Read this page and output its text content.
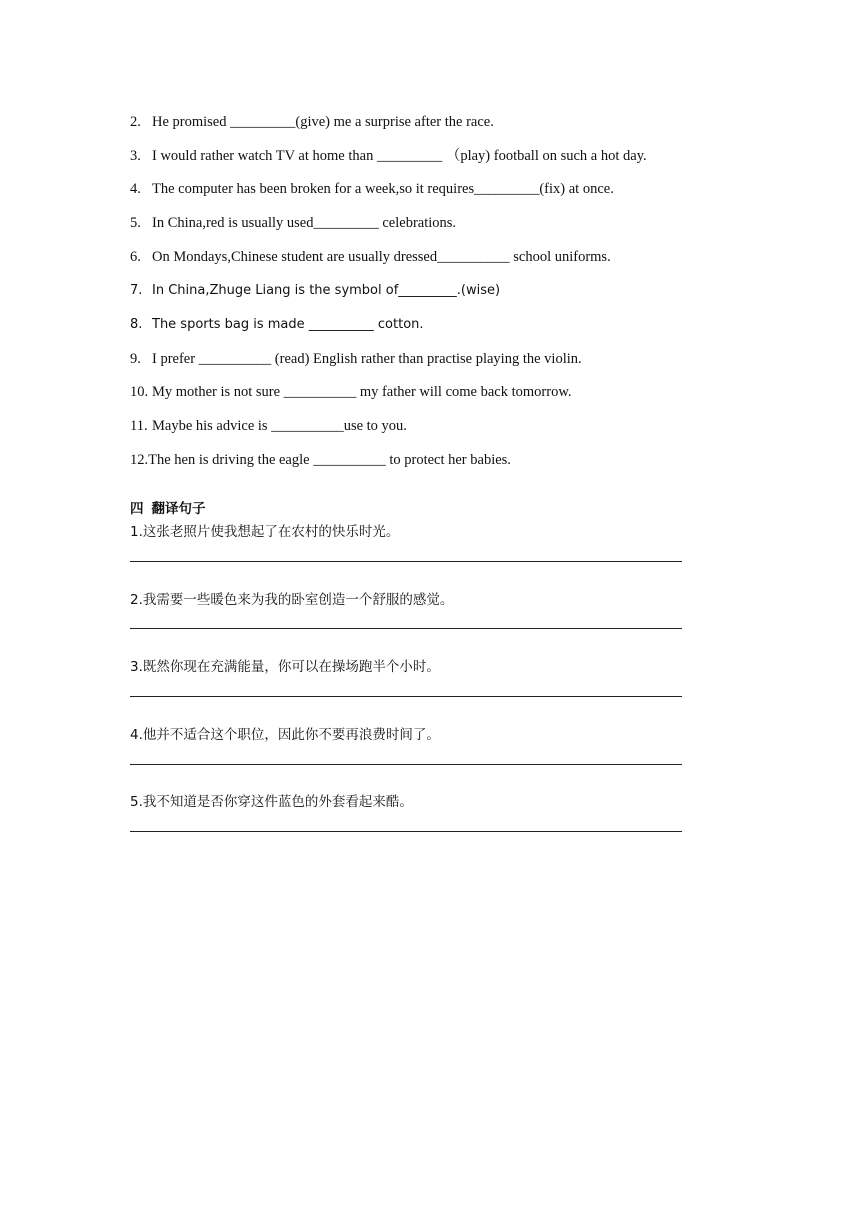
2. He promised _________(give) me a surprise after the race.
3. I would rather watch TV at home than _________ （play) football on such a hot day.
4. The computer has been broken for a week,so it requires_________(fix) at once.
5. In China,red is usually used_________ celebrations.
6. On Mondays,Chinese student are usually dressed__________ school uniforms.
7. In China,Zhuge Liang is the symbol of_________.(wise)
8. The sports bag is made __________ cotton.
9. I prefer __________ (read) English rather than practise playing the violin.
10. My mother is not sure __________ my father will come back tomorrow.
11. Maybe his advice is __________use to you.
12.The hen is driving the eagle __________ to protect her babies.
四 翻译句子
1.这张老照片使我想起了在农村的快乐时光。
2.我需要一些暖色来为我的卧室创造一个舒服的感觉。
3.既然你现在充满能量，你可以在操场跑半个小时。
4.他并不适合这个职位，因此你不要再浪费时间了。
5.我不知道是否你穿这件蓝色的外套看起来酷。
